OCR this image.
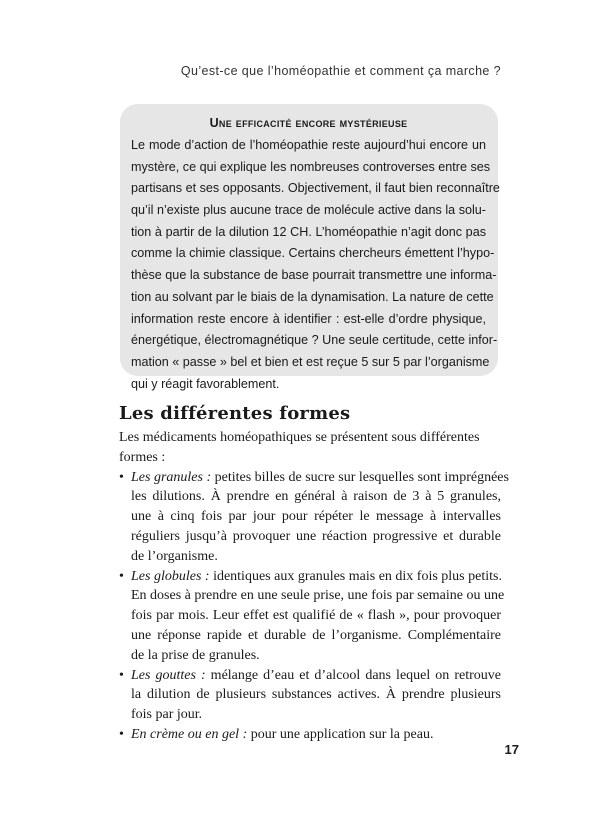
Qu’est-ce que l’homéopathie et comment ça marche ?
Une efficacité encore mystérieuse
Le mode d’action de l’homéopathie reste aujourd’hui encore un
mystère, ce qui explique les nombreuses controverses entre ses
partisans et ses opposants. Objectivement, il faut bien reconnaître
qu’il n’existe plus aucune trace de molécule active dans la solu-
tion à partir de la dilution 12 CH. L’homéopathie n’agit donc pas
comme la chimie classique. Certains chercheurs émettent l’hypo-
thèse que la substance de base pourrait transmettre une informa-
tion au solvant par le biais de la dynamisation. La nature de cette
information reste encore à identifier : est-elle d’ordre physique,
énergétique, électromagnétique ? Une seule certitude, cette infor-
mation « passe » bel et bien et est reçue 5 sur 5 par l’organisme
qui y réagit favorablement.
Les différentes formes
Les médicaments homéopathiques se présentent sous différentes
formes :
• Les granules : petites billes de sucre sur lesquelles sont imprégnées
les dilutions. À prendre en général à raison de 3 à 5 granules,
une à cinq fois par jour pour répéter le message à intervalles
réguliers jusqu’à provoquer une réaction progressive et durable
de l’organisme.
• Les globules : identiques aux granules mais en dix fois plus petits.
En doses à prendre en une seule prise, une fois par semaine ou une
fois par mois. Leur effet est qualifié de « flash », pour provoquer
une réponse rapide et durable de l’organisme. Complémentaire
de la prise de granules.
• Les gouttes : mélange d’eau et d’alcool dans lequel on retrouve
la dilution de plusieurs substances actives. À prendre plusieurs
fois par jour.
• En crème ou en gel : pour une application sur la peau.
17
